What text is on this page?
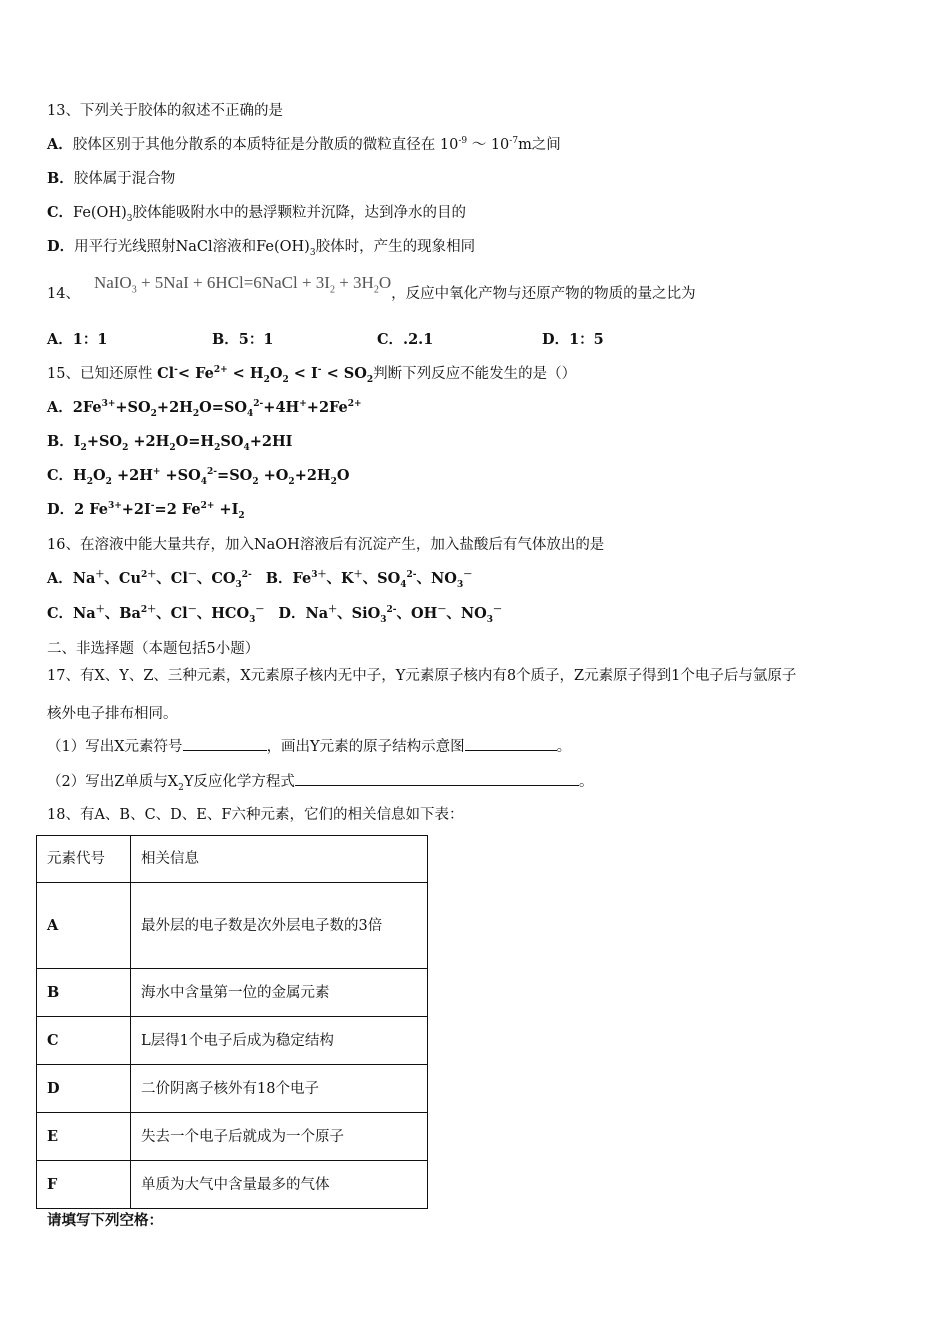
13、下列关于胶体的叙述不正确的是
A．胶体区别于其他分散系的本质特征是分散质的微粒直径在 $10^{-9}$ ～ $10^{-7}m$之间
B．胶体属于混合物
C．$Fe(OH)_3$胶体能吸附水中的悬浮颗粒并沉降，达到净水的目的
D．用平行光线照射NaCl溶液和$Fe(OH)_3$胶体时，产生的现象相同
14、NaIO$_3$ + 5NaI + 6HCl=6NaCl + $3I_2 + 3H_2O$，反应中氧化产物与还原产物的物质的量之比为
A．1：1	B．5：1	C．.2.1	D．1：5
15、已知还原性 $Cl^-< Fe^{2+} < H_2O_2 < I^- < SO_2$判断下列反应不能发生的是（）
A．$2Fe^{3+}+SO_2+2H_2O=SO_4^{2-}+4H^++2Fe^{2+}$
B．$I_2+SO_2 +2H_2O=H_2SO_4+2HI$
C．$H_2O_2 +2H^+ +SO_4^{2-}=SO_2 +O_2+2H_2O$
D．2 $Fe^{3+}+2I^-=2$ $Fe^{2+} +I_2$
16、在溶液中能大量共存，加入NaOH溶液后有沉淀产生，加入盐酸后有气体放出的是
A．Na＋、$Cu^{2+}$、Cl－、$CO_3^{2-}$ B．$Fe^{3+}$、K＋、$SO_4^{2-}$、$NO_3^-$
C．Na＋、$Ba^{2+}$、Cl－、$HCO_3^-$ D．Na＋、SiO$_3^{2-}$、OH－、$NO_3^-$
二、非选择题（本题包括5小题）
17、有X、Y、Z、三种元素，X元素原子核内无中子，Y元素原子核内有8个质子，Z元素原子得到1个电子后与氩原子
核外电子排布相同。
（1）写出X元素符号	，画出Y元素的原子结构示意图	。
（2）写出Z单质与$X_2Y$反应化学方程式	。
18、有A、B、C、D、E、F六种元素，它们的相关信息如下表：
元素代号	相关信息
A	最外层的电子数是次外层电子数的3倍
B	海水中含量第一位的金属元素
C	L层得1个电子后成为稳定结构
D	二价阴离子核外有18个电子
E	失去一个电子后就成为一个原子
F	单质为大气中含量最多的气体
请填写下列空格：
